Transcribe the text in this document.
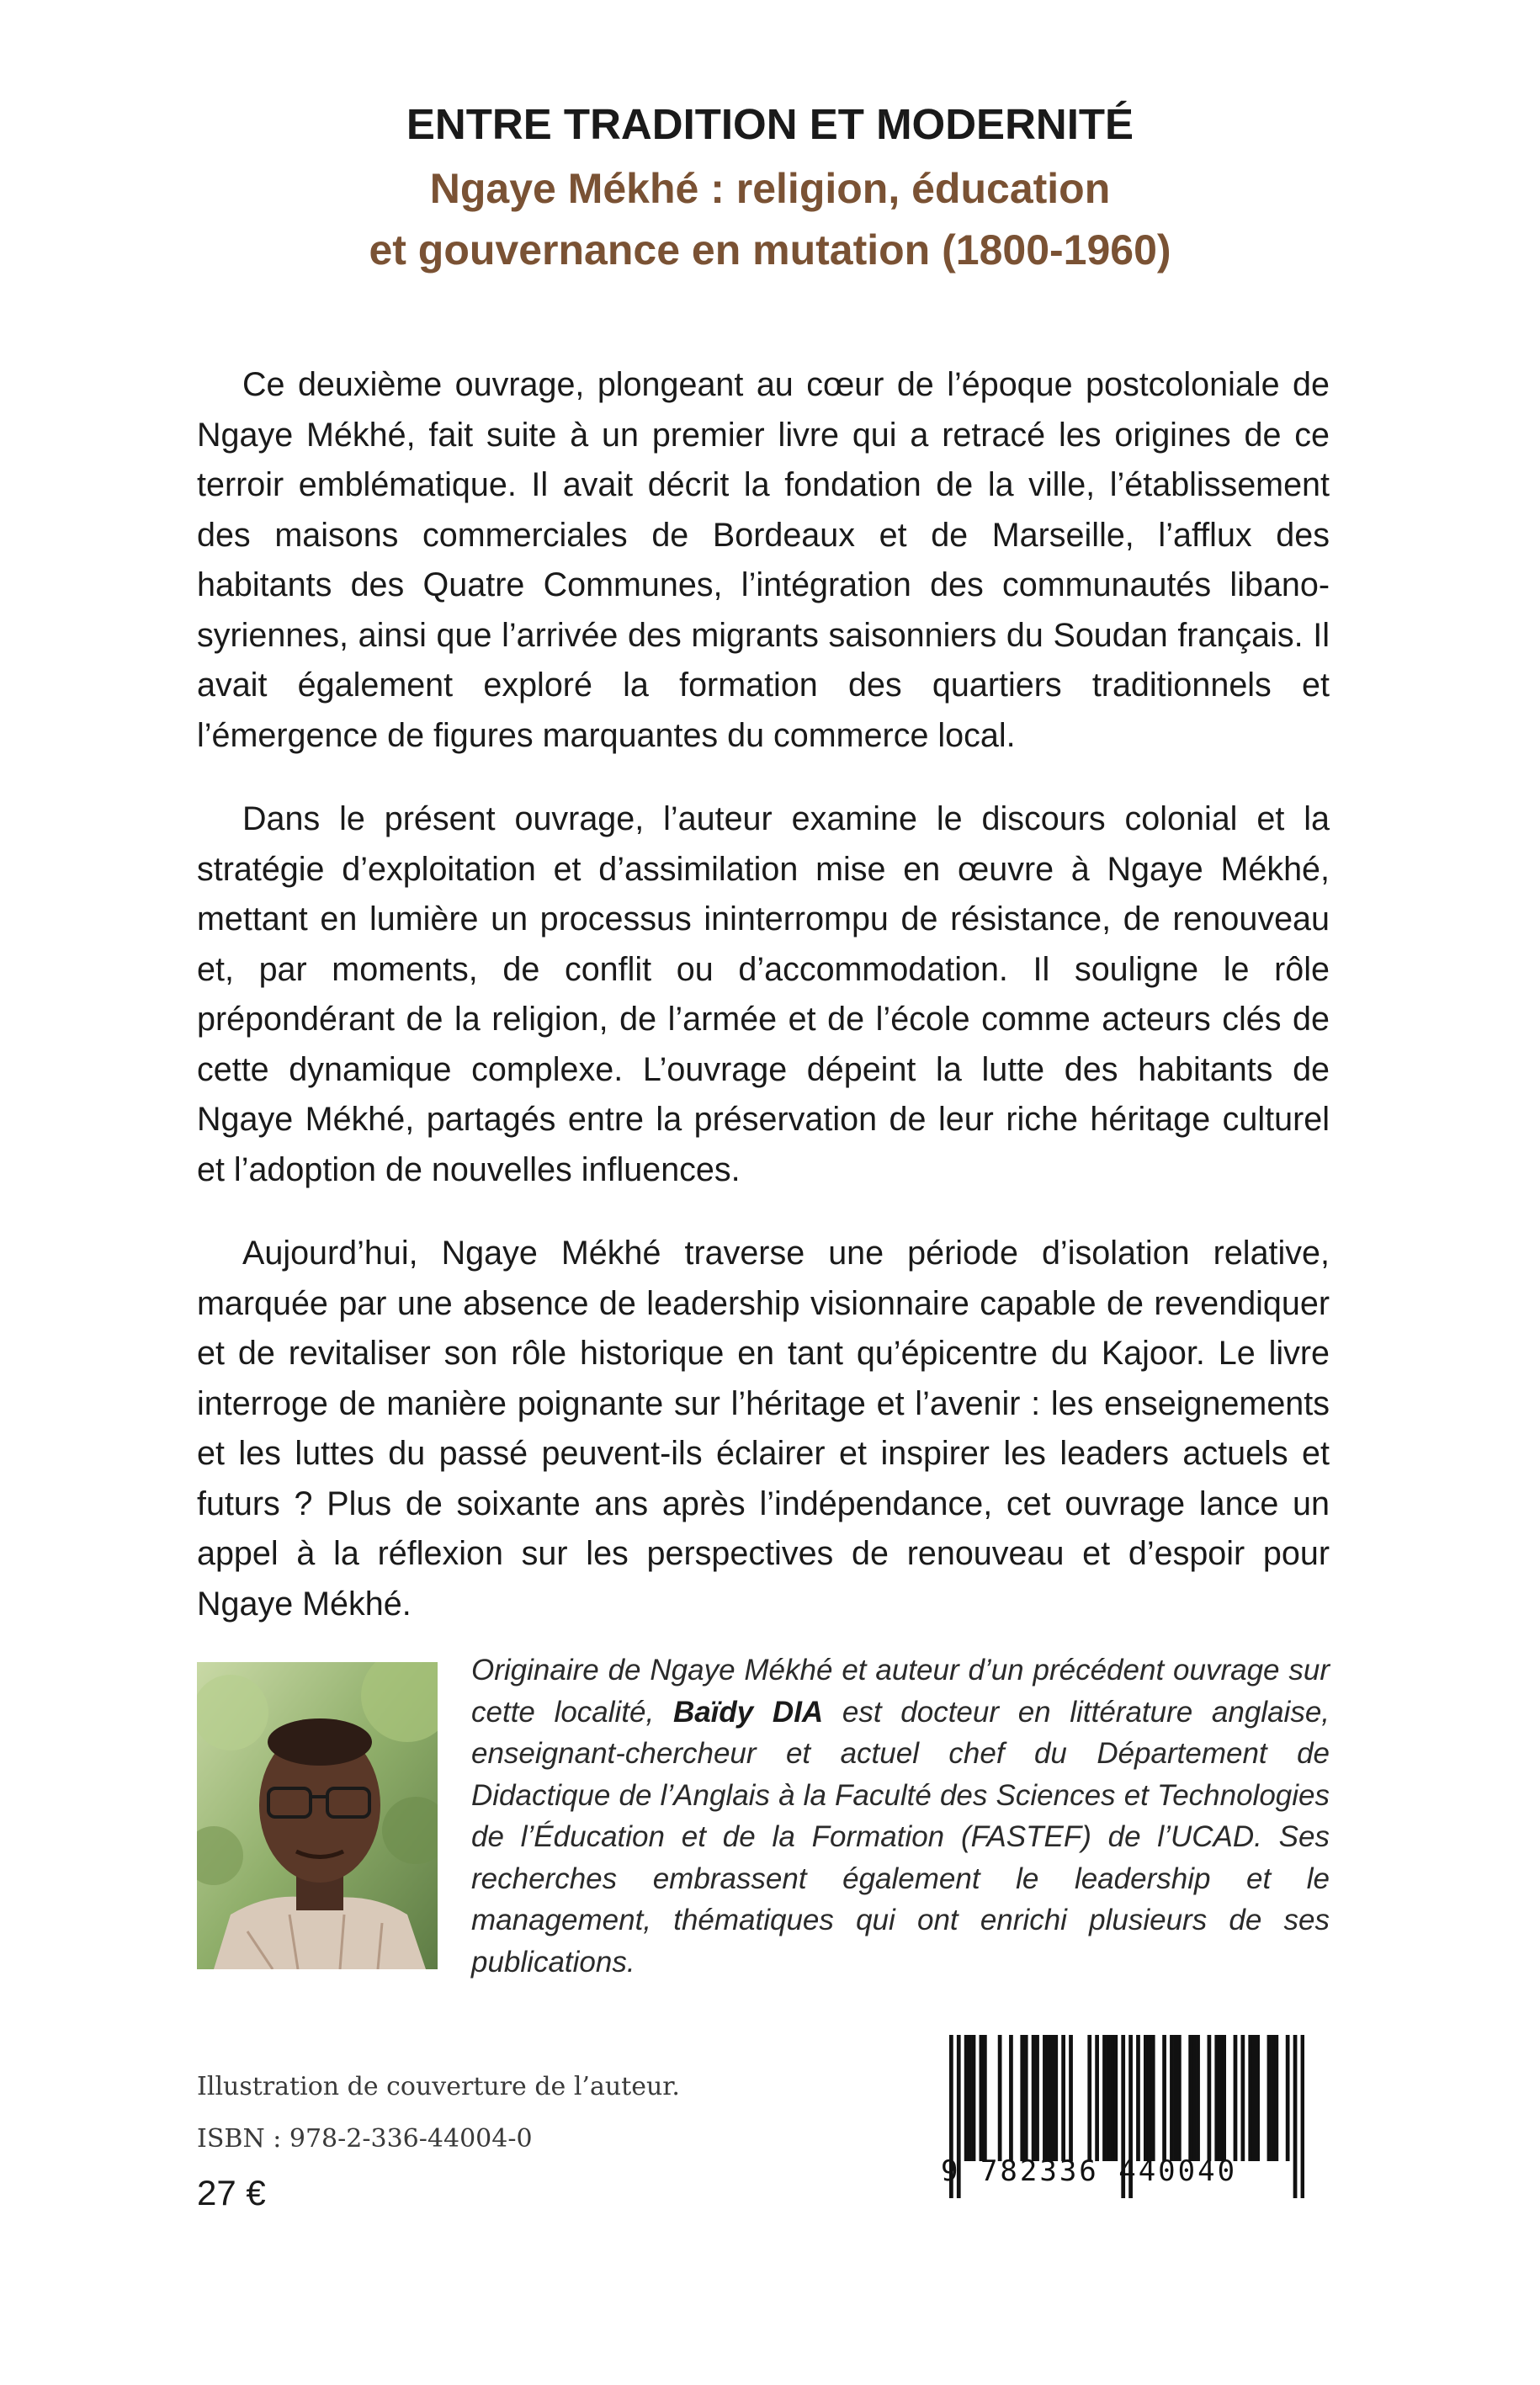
ENTRE TRADITION ET MODERNITÉ
Ngaye Mékhé : religion, éducation
et gouvernance en mutation (1800-1960)

Ce deuxième ouvrage, plongeant au cœur de l’époque postcoloniale de Ngaye Mékhé, fait suite à un premier livre qui a retracé les origines de ce terroir emblématique. Il avait décrit la fondation de la ville, l’établissement des maisons commerciales de Bordeaux et de Marseille, l’afflux des habitants des Quatre Communes, l’intégration des communautés libano-syriennes, ainsi que l’arrivée des migrants saisonniers du Soudan français. Il avait également exploré la formation des quartiers traditionnels et l’émergence de figures marquantes du commerce local.

Dans le présent ouvrage, l’auteur examine le discours colonial et la stratégie d’exploitation et d’assimilation mise en œuvre à Ngaye Mékhé, mettant en lumière un processus ininterrompu de résistance, de renouveau et, par moments, de conflit ou d’accommodation. Il souligne le rôle prépondérant de la religion, de l’armée et de l’école comme acteurs clés de cette dynamique complexe. L’ouvrage dépeint la lutte des habitants de Ngaye Mékhé, partagés entre la préservation de leur riche héritage culturel et l’adoption de nouvelles influences.

Aujourd’hui, Ngaye Mékhé traverse une période d’isolation relative, marquée par une absence de leadership visionnaire capable de revendiquer et de revitaliser son rôle historique en tant qu’épicentre du Kajoor. Le livre interroge de manière poignante sur l’héritage et l’avenir : les enseignements et les luttes du passé peuvent-ils éclairer et inspirer les leaders actuels et futurs ? Plus de soixante ans après l’indépendance, cet ouvrage lance un appel à la réflexion sur les perspectives de renouveau et d’espoir pour Ngaye Mékhé.

Originaire de Ngaye Mékhé et auteur d’un précédent ouvrage sur cette localité, Baïdy DIA est docteur en littérature anglaise, enseignant-chercheur et actuel chef du Département de Didactique de l’Anglais à la Faculté des Sciences et Technologies de l’Éducation et de la Formation (FASTEF) de l’UCAD. Ses recherches embrassent également le leadership et le management, thématiques qui ont enrichi plusieurs de ses publications.

Illustration de couverture de l’auteur.
ISBN : 978-2-336-44004-0
27 €
9 782336 440040
